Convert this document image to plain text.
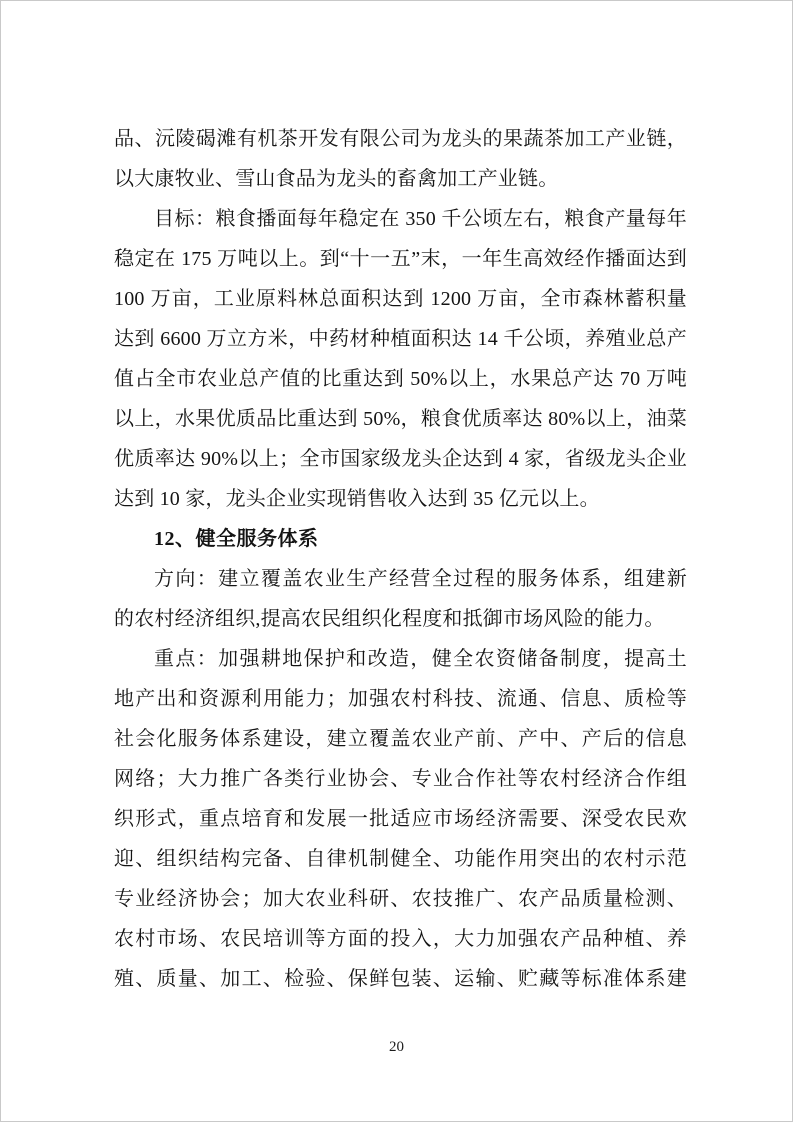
品、沅陵碣滩有机茶开发有限公司为龙头的果蔬茶加工产业链，
以大康牧业、雪山食品为龙头的畜禽加工产业链。
目标：粮食播面每年稳定在 350 千公顷左右，粮食产量每年
稳定在 175 万吨以上。到“十一五”末，一年生高效经作播面达到
100 万亩，工业原料林总面积达到 1200 万亩，全市森林蓄积量
达到 6600 万立方米，中药材种植面积达 14 千公顷，养殖业总产
值占全市农业总产值的比重达到 50%以上，水果总产达 70 万吨
以上，水果优质品比重达到 50%，粮食优质率达 80%以上，油菜
优质率达 90%以上；全市国家级龙头企达到 4 家，省级龙头企业
达到 10 家，龙头企业实现销售收入达到 35 亿元以上。
12、健全服务体系
方向：建立覆盖农业生产经营全过程的服务体系，组建新
的农村经济组织,提高农民组织化程度和抵御市场风险的能力。
重点：加强耕地保护和改造，健全农资储备制度，提高土
地产出和资源利用能力；加强农村科技、流通、信息、质检等
社会化服务体系建设，建立覆盖农业产前、产中、产后的信息
网络；大力推广各类行业协会、专业合作社等农村经济合作组
织形式，重点培育和发展一批适应市场经济需要、深受农民欢
迎、组织结构完备、自律机制健全、功能作用突出的农村示范
专业经济协会；加大农业科研、农技推广、农产品质量检测、
农村市场、农民培训等方面的投入，大力加强农产品种植、养
殖、质量、加工、检验、保鲜包装、运输、贮藏等标准体系建
20
